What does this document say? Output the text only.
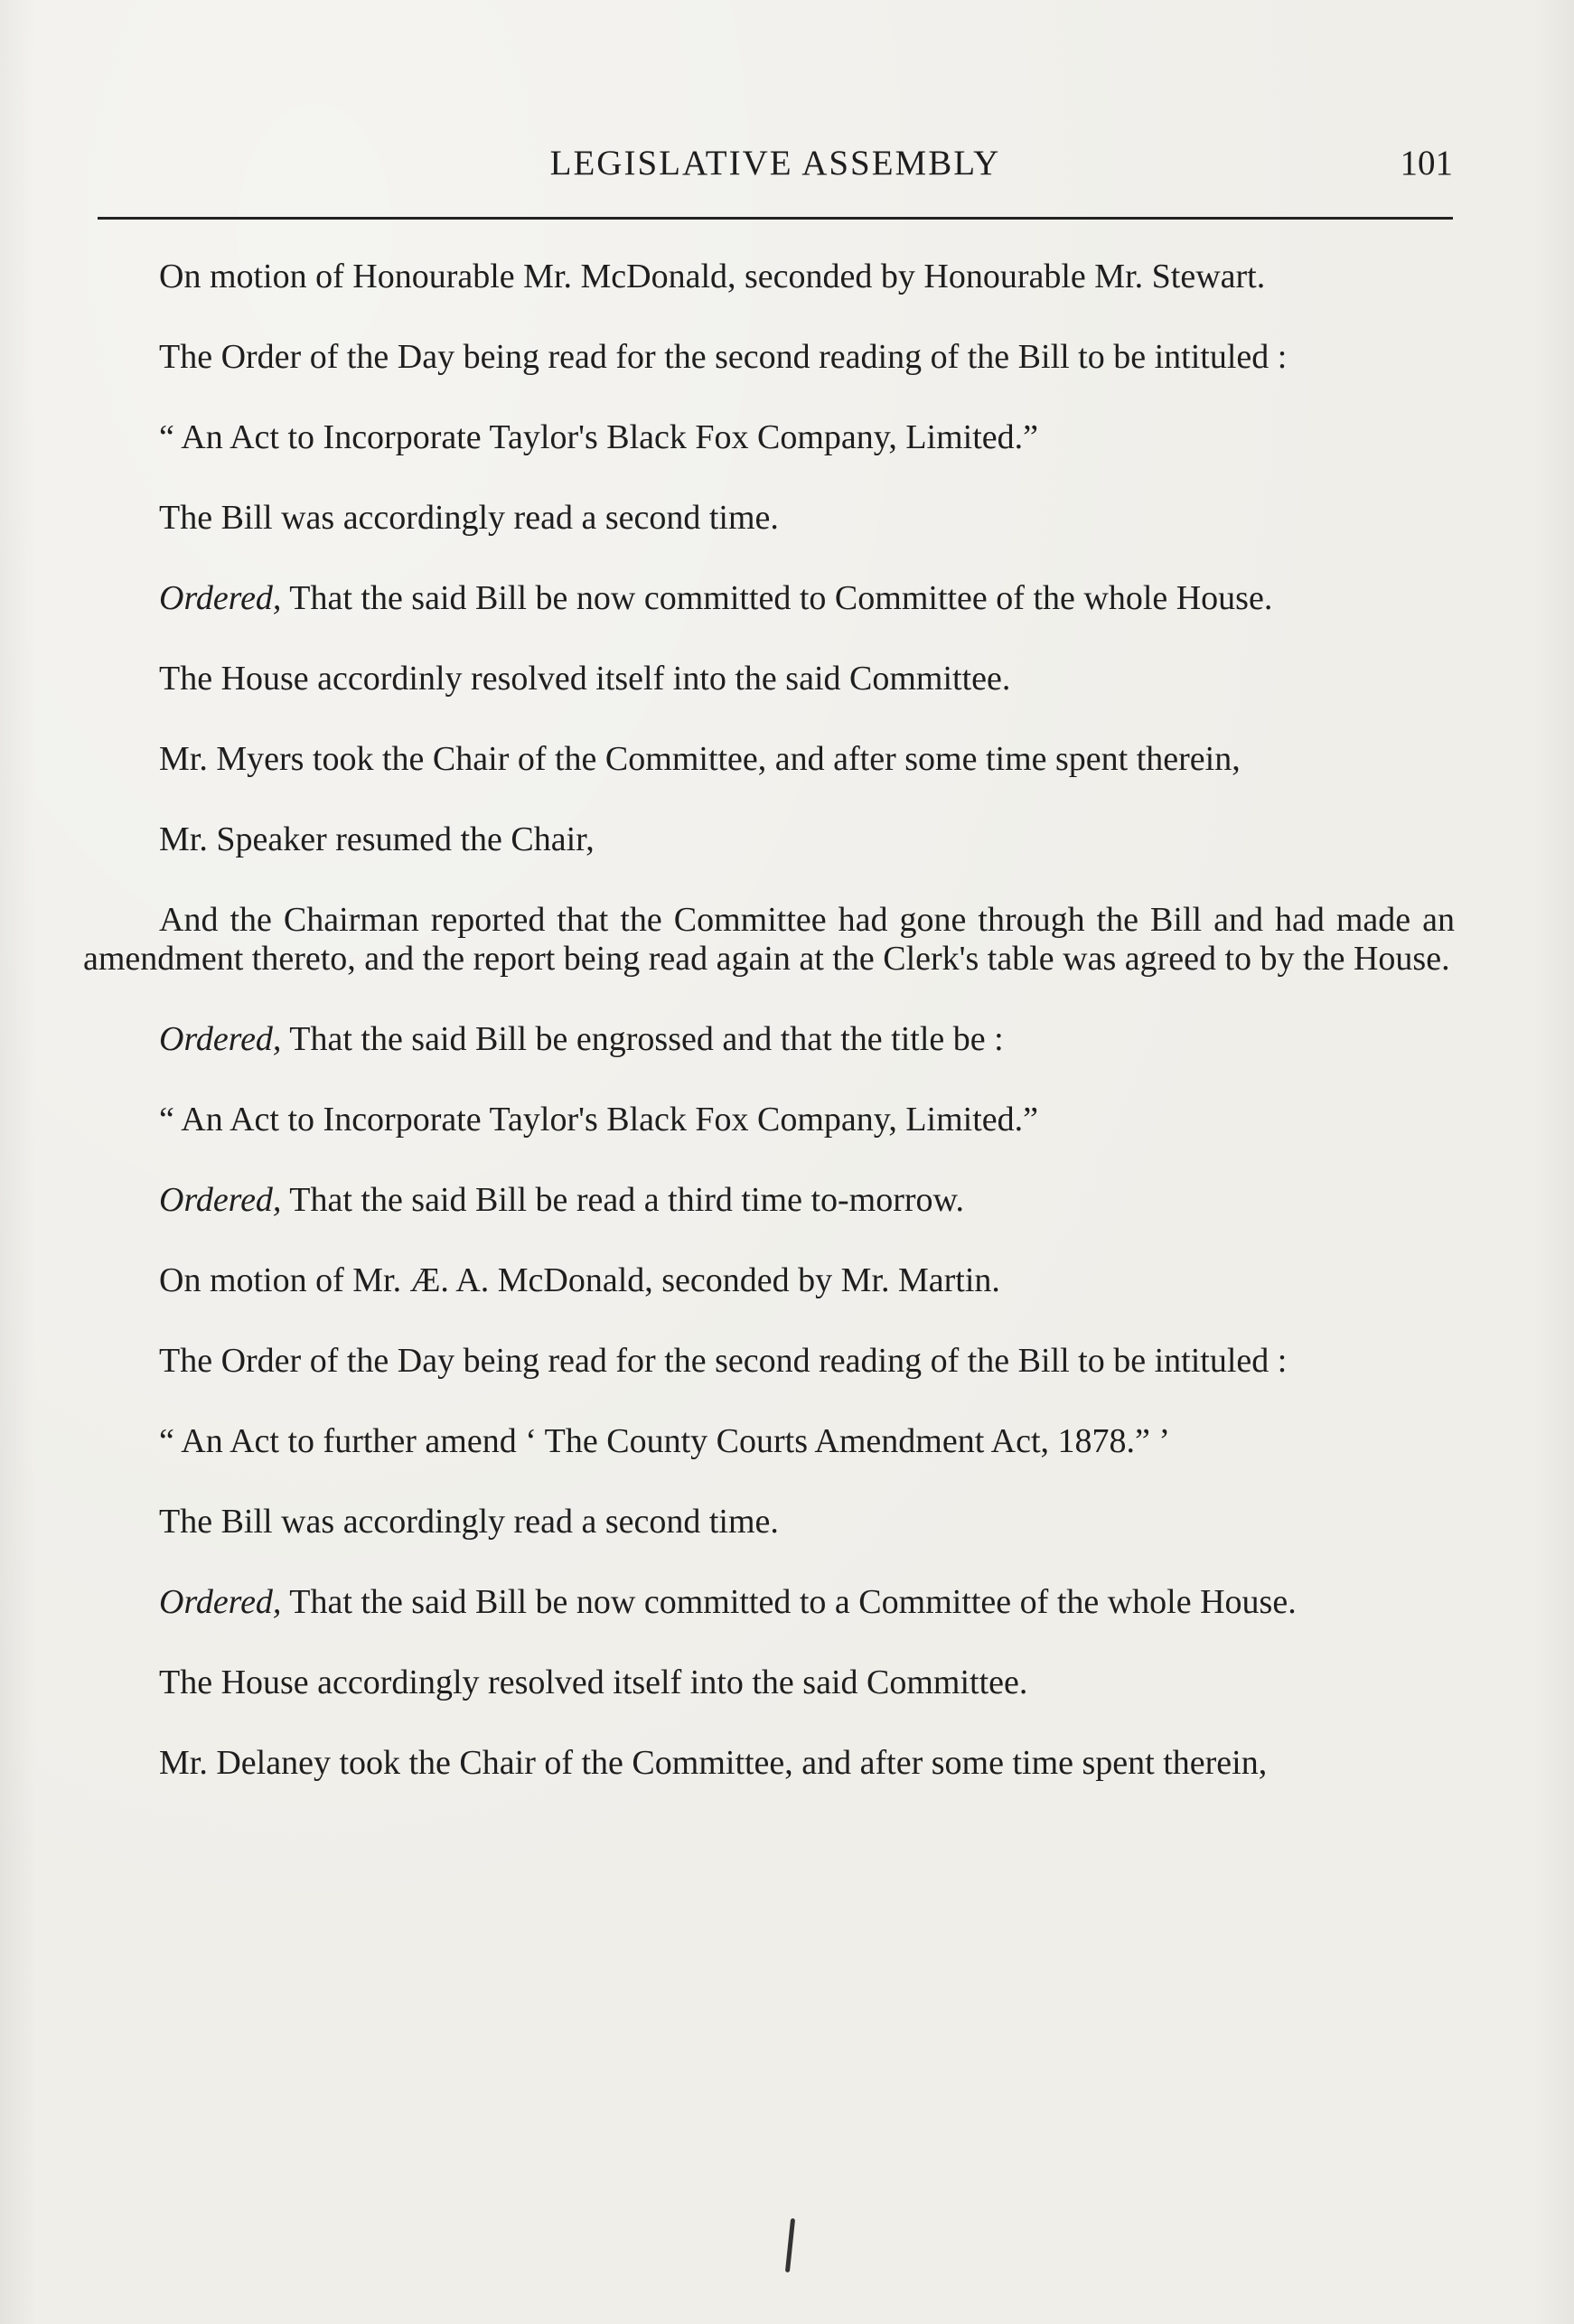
LEGISLATIVE ASSEMBLY	101

On motion of Honourable Mr. McDonald, seconded by Honourable Mr. Stewart.

The Order of the Day being read for the second reading of the Bill to be intituled :

“ An Act to Incorporate Taylor's Black Fox Company, Limited.”

The Bill was accordingly read a second time.

Ordered, That the said Bill be now committed to Committee of the whole House.

The House accordinly resolved itself into the said Committee.

Mr. Myers took the Chair of the Committee, and after some time spent therein,

Mr. Speaker resumed the Chair,

And the Chairman reported that the Committee had gone through the Bill and had made an amendment thereto, and the report being read again at the Clerk's table was agreed to by the House.

Ordered, That the said Bill be engrossed and that the title be :

“ An Act to Incorporate Taylor's Black Fox Company, Limited.”

Ordered, That the said Bill be read a third time to-morrow.

On motion of Mr. Æ. A. McDonald, seconded by Mr. Martin.

The Order of the Day being read for the second reading of the Bill to be intituled :

“ An Act to further amend ‘ The County Courts Amendment Act, 1878.” ’

The Bill was accordingly read a second time.

Ordered, That the said Bill be now committed to a Committee of the whole House.

The House accordingly resolved itself into the said Committee.

Mr. Delaney took the Chair of the Committee, and after some time spent therein,
